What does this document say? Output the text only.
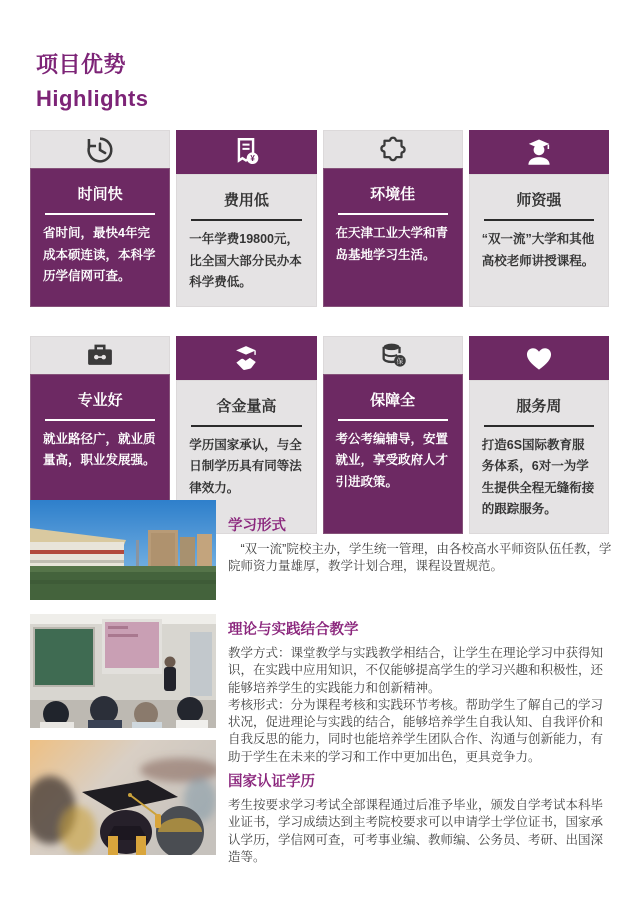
项目优势
Highlights
时间快

省时间，最快4年完成本硕连读，本科学历学信网可查。

¥
费用低

一年学费19800元，比全国大部分民办本科学费低。

环境佳

在天津工业大学和青岛基地学习生活。

师资强

“双一流”大学和其他高校老师讲授课程。

专业好

就业路径广，就业质量高，职业发展强。

含金量高

学历国家承认，与全日制学历具有同等法律效力。

保
保障全

考公考编辅导，安置就业，享受政府人才引进政策。

服务周

打造6S国际教育服务体系，6对一为学生提供全程无缝衔接的跟踪服务。

学习形式

“双一流”院校主办，学生统一管理，由各校高水平师资队伍任教，学院师资力量雄厚，教学计划合理，课程设置规范。

理论与实践结合教学

教学方式：课堂教学与实践教学相结合，让学生在理论学习中获得知识，在实践中应用知识，不仅能够提高学生的学习兴趣和积极性，还能够培养学生的实践能力和创新精神。

考核形式：分为课程考核和实践环节考核。帮助学生了解自己的学习状况，促进理论与实践的结合，能够培养学生自我认知、自我评价和自我反思的能力，同时也能培养学生团队合作、沟通与创新能力，有助于学生在未来的学习和工作中更加出色，更具竞争力。

国家认证学历

考生按要求学习考试全部课程通过后准予毕业，颁发自学考试本科毕业证书，学习成绩达到主考院校要求可以申请学士学位证书，国家承认学历，学信网可查，可考事业编、教师编、公务员、考研、出国深造等。
